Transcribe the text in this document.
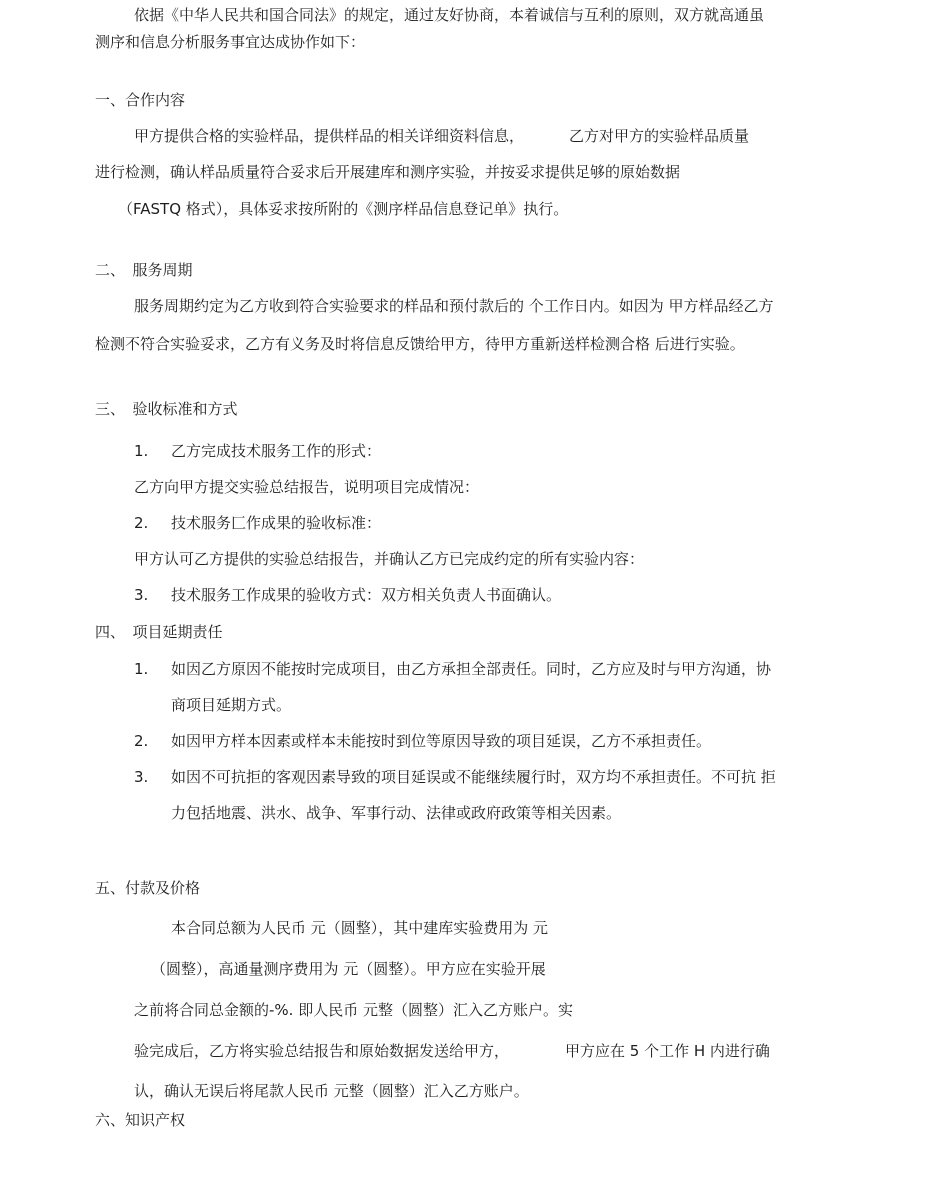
依据《中华人民共和国合同法》的规定，通过友好协商，本着诚信与互利的原则，双方就高通虽
测序和信息分析服务事宜达成协作如下：
一、合作内容
甲方提供合格的实验样品，提供样品的相关详细资料信息，	乙方对甲方的实验样品质量
进行检测，确认样品质量符合妥求后开展建库和测序实验，并按妥求提供足够的原始数据
（FASTQ 格式），具体妥求按所附的《测序样品信息登记单》执行。
二、　服务周期
服务周期约定为乙方收到符合实验要求的样品和预付款后的 个工作日内。如因为 甲方样品经乙方
检测不符合实验妥求，乙方有义务及时将信息反馈给甲方，待甲方重新送样检测合格 后进行实验。
三、　验收标准和方式
1. 乙方完成技术服务工作的形式：
乙方向甲方提交实验总结报告，说明项目完成情况：
2. 技术服务匚作成果的验收标准：
甲方认可乙方提供的实验总结报告，并确认乙方已完成约定的所有实验内容：
3. 技术服务工作成果的验收方式：双方相关负责人书面确认。
四、　项目延期责任
1. 如因乙方原因不能按时完成项目，由乙方承担全部责任。同时，乙方应及时与甲方沟通，协
商项目延期方式。
2. 如因甲方样本因素或样本未能按时到位等原因导致的项目延误，乙方不承担责任。
3. 如因不可抗拒的客观因素导致的项目延误或不能继续履行时，双方均不承担责任。不可抗 拒
力包括地震、洪水、战争、军事行动、法律或政府政策等相关因素。
五、付款及价格
本合同总额为人民币 元（圆整），其中建库实验费用为 元
（圆整），高通量测序费用为 元（圆整）。甲方应在实验开展
之前将合同总金额的-%. 即人民币 元整（圆整）汇入乙方账户。实
验完成后，乙方将实验总结报告和原始数据发送给甲方，	甲方应在 5 个工作 H 内进行确
认，确认无误后将尾款人民币 元整（圆整）汇入乙方账户。
六、知识产权
